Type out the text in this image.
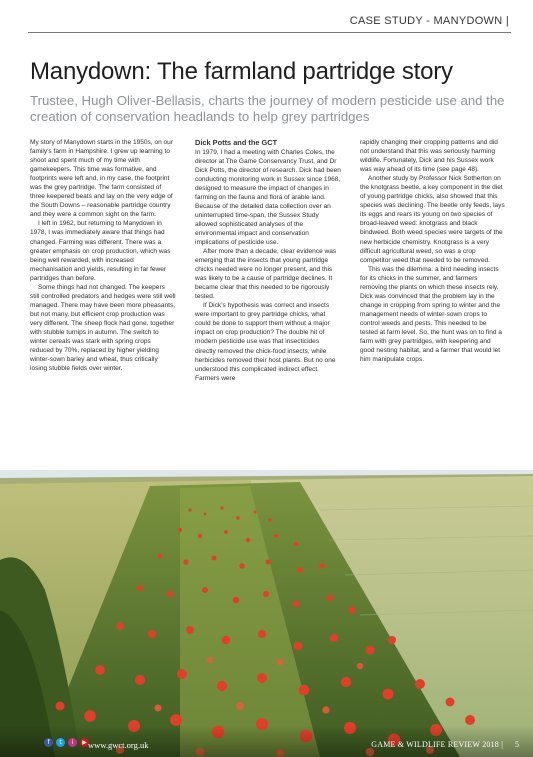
CASE STUDY - MANYDOWN |
Manydown: The farmland partridge story

Trustee, Hugh Oliver-Bellasis, charts the journey of modern pesticide use and the creation of conservation headlands to help grey partridges

My story of Manydown starts in the 1950s, on our family’s farm in Hampshire. I grew up learning to shoot and spent much of my time with gamekeepers. This time was formative, and footprints were left and, in my case, the footprint was the grey partridge. The farm consisted of three keepered beats and lay on the very edge of the South Downs – reasonable partridge country and they were a common sight on the farm.

I left in 1962, but returning to Manydown in 1978, I was immediately aware that things had changed. Farming was different. There was a greater emphasis on crop production, which was being well rewarded, with increased mechanisation and yields, resulting in far fewer partridges than before.

Some things had not changed. The keepers still controlled predators and hedges were still well managed. There may have been more pheasants, but not many, but efficient crop production was very different. The sheep flock had gone, together with stubble turnips in autumn. The switch to winter cereals was stark with spring crops reduced by 70%, replaced by higher yielding winter-sown barley and wheat, thus critically losing stubble fields over winter.

Dick Potts and the GCT

In 1979, I had a meeting with Charles Coles, the director at The Game Conservancy Trust, and Dr Dick Potts, the director of research. Dick had been conducting monitoring work in Sussex since 1968, designed to measure the impact of changes in farming on the fauna and flora of arable land. Because of the detailed data collection over an uninterrupted time-span, the Sussex Study allowed sophisticated analyses of the environmental impact and conservation implications of pesticide use.

After more than a decade, clear evidence was emerging that the insects that young partridge chicks needed were no longer present, and this was likely to be a cause of partridge declines. It became clear that this needed to be rigorously tested.

If Dick’s hypothesis was correct and insects were important to grey partridge chicks, what could be done to support them without a major impact on crop production? The double hit of modern pesticide use was that insecticides directly removed the chick-food insects, while herbicides removed their host plants. But no one understood this complicated indirect effect. Farmers were

rapidly changing their cropping patterns and did not understand that this was seriously harming wildlife. Fortunately, Dick and his Sussex work was way ahead of its time (see page 48).

Another study by Professor Nick Sotherton on the knotgrass beetle, a key component in the diet of young partridge chicks, also showed that this species was declining. The beetle only feeds, lays its eggs and rears its young on two species of broad-leaved weed: knotgrass and black bindweed. Both weed species were targets of the new herbicide chemistry. Knotgrass is a very difficult agricultural weed, so was a crop competitor weed that needed to be removed.

This was the dilemma: a bird needing insects for its chicks in the summer, and farmers removing the plants on which these insects rely. Dick was convinced that the problem lay in the change in cropping from spring to winter and the management needs of winter-sown crops to control weeds and pests. This needed to be tested at farm level. So, the hunt was on to find a farm with grey partridges, with keepering and good nesting habitat, and a farmer that would let him manipulate crops.

f	t	i	▶ www.gwct.org.uk	GAME & WILDLIFE REVIEW 2018 | 5
